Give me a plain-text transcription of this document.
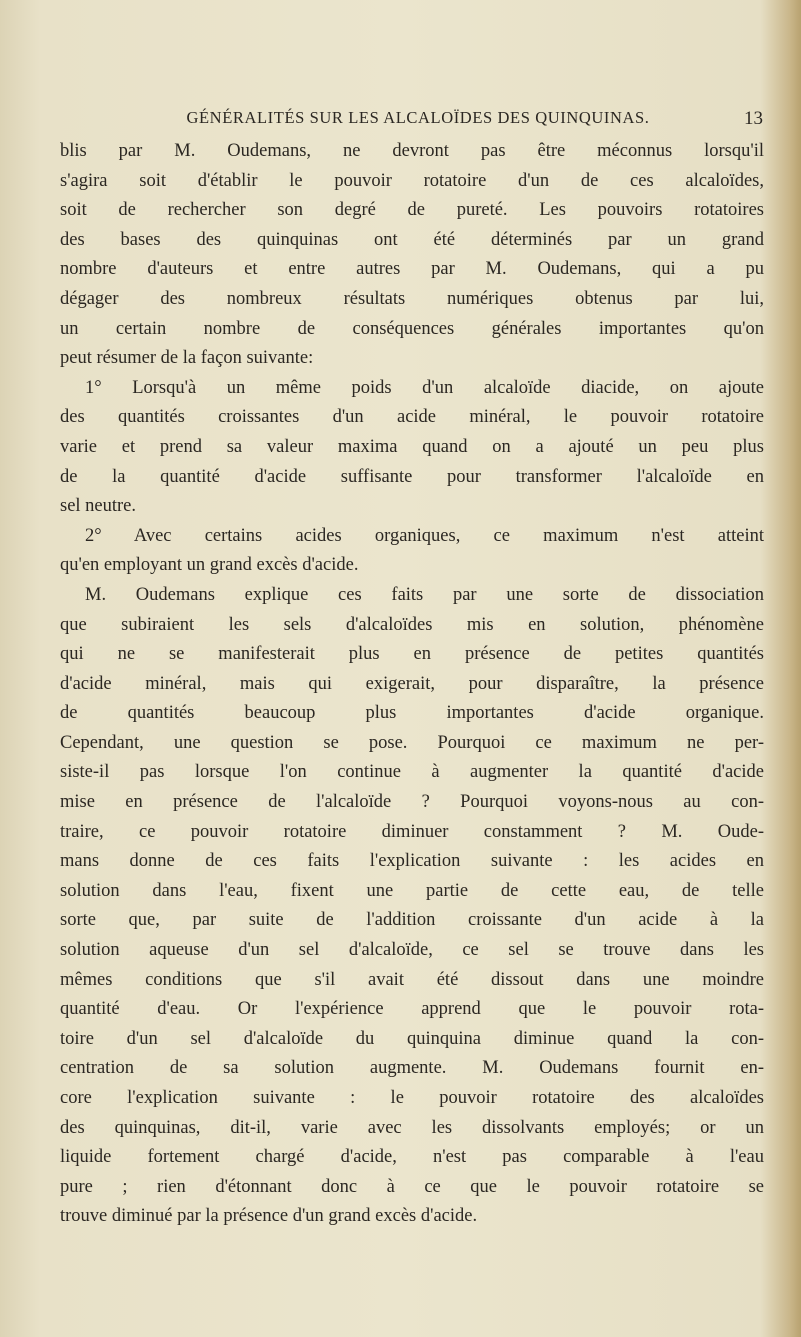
GÉNÉRALITÉS SUR LES ALCALOÏDES DES QUINQUINAS.	13
blis par M. Oudemans, ne devront pas être méconnus lorsqu'il
s'agira soit d'établir le pouvoir rotatoire d'un de ces alcaloïdes,
soit de rechercher son degré de pureté. Les pouvoirs rotatoires
des bases des quinquinas ont été déterminés par un grand
nombre d'auteurs et entre autres par M. Oudemans, qui a pu
dégager des nombreux résultats numériques obtenus par lui,
un certain nombre de conséquences générales importantes qu'on
peut résumer de la façon suivante:
1° Lorsqu'à un même poids d'un alcaloïde diacide, on ajoute
des quantités croissantes d'un acide minéral, le pouvoir rotatoire
varie et prend sa valeur maxima quand on a ajouté un peu plus
de la quantité d'acide suffisante pour transformer l'alcaloïde en
sel neutre.
2° Avec certains acides organiques, ce maximum n'est atteint
qu'en employant un grand excès d'acide.
M. Oudemans explique ces faits par une sorte de dissociation
que subiraient les sels d'alcaloïdes mis en solution, phénomène
qui ne se manifesterait plus en présence de petites quantités
d'acide minéral, mais qui exigerait, pour disparaître, la présence
de quantités beaucoup plus importantes d'acide organique.
Cependant, une question se pose. Pourquoi ce maximum ne per-
siste-il pas lorsque l'on continue à augmenter la quantité d'acide
mise en présence de l'alcaloïde ? Pourquoi voyons-nous au con-
traire, ce pouvoir rotatoire diminuer constamment ? M. Oude-
mans donne de ces faits l'explication suivante : les acides en
solution dans l'eau, fixent une partie de cette eau, de telle
sorte que, par suite de l'addition croissante d'un acide à la
solution aqueuse d'un sel d'alcaloïde, ce sel se trouve dans les
mêmes conditions que s'il avait été dissout dans une moindre
quantité d'eau. Or l'expérience apprend que le pouvoir rota-
toire d'un sel d'alcaloïde du quinquina diminue quand la con-
centration de sa solution augmente. M. Oudemans fournit en-
core l'explication suivante : le pouvoir rotatoire des alcaloïdes
des quinquinas, dit-il, varie avec les dissolvants employés; or un
liquide fortement chargé d'acide, n'est pas comparable à l'eau
pure ; rien d'étonnant donc à ce que le pouvoir rotatoire se
trouve diminué par la présence d'un grand excès d'acide.
